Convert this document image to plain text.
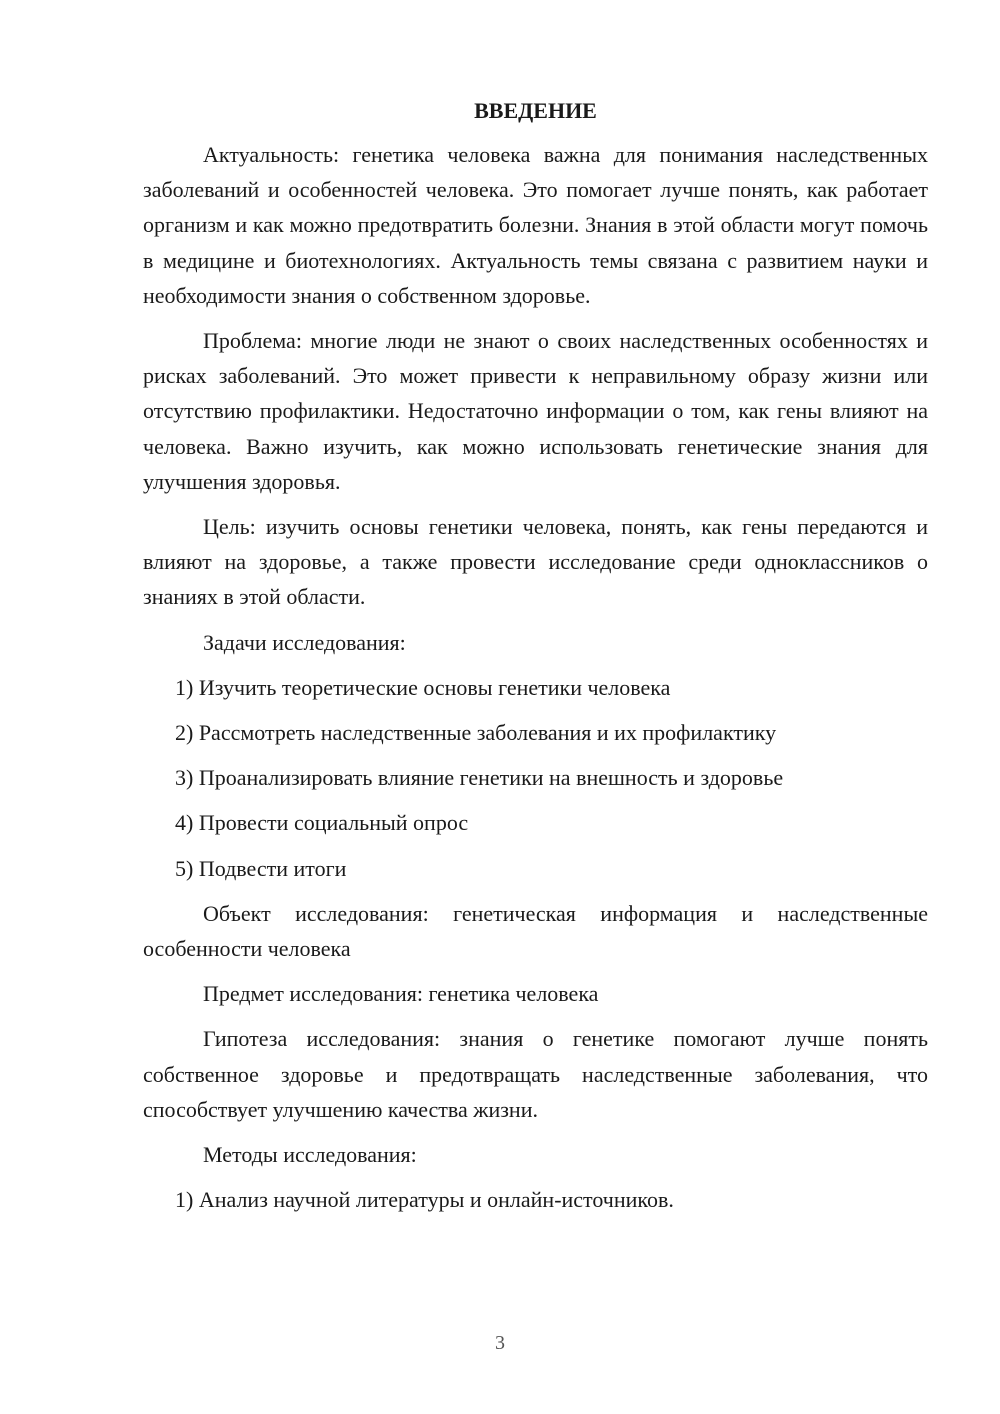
ВВЕДЕНИЕ

Актуальность: генетика человека важна для понимания наследственных заболеваний и особенностей человека. Это помогает лучше понять, как работает организм и как можно предотвратить болезни. Знания в этой области могут помочь в медицине и биотехнологиях. Актуальность темы связана с развитием науки и необходимости знания о собственном здоровье.

Проблема: многие люди не знают о своих наследственных особенностях и рисках заболеваний. Это может привести к неправильному образу жизни или отсутствию профилактики. Недостаточно информации о том, как гены влияют на человека. Важно изучить, как можно использовать генетические знания для улучшения здоровья.

Цель: изучить основы генетики человека, понять, как гены передаются и влияют на здоровье, а также провести исследование среди одноклассников о знаниях в этой области.

Задачи исследования:

1) Изучить теоретические основы генетики человека
2) Рассмотреть наследственные заболевания и их профилактику
3) Проанализировать влияние генетики на внешность и здоровье
4) Провести социальный опрос
5) Подвести итоги

Объект исследования: генетическая информация и наследственные особенности человека

Предмет исследования: генетика человека

Гипотеза исследования: знания о генетике помогают лучше понять собственное здоровье и предотвращать наследственные заболевания, что способствует улучшению качества жизни.

Методы исследования:

1) Анализ научной литературы и онлайн-источников.
3
